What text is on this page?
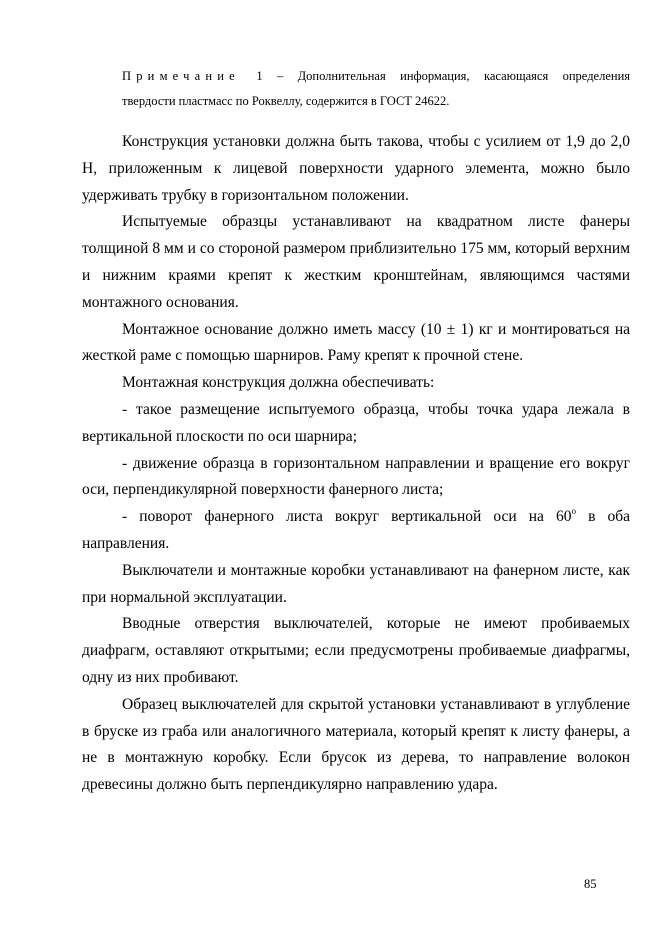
Примечание 1 – Дополнительная информация, касающаяся определения
твердости пластмасс по Роквеллу, содержится в ГОСТ 24622.

Конструкция установки должна быть такова, чтобы с усилием от 1,9 до 2,0 Н, приложенным к лицевой поверхности ударного элемента, можно было удерживать трубку в горизонтальном положении.

Испытуемые образцы устанавливают на квадратном листе фанеры толщиной 8 мм и со стороной размером приблизительно 175 мм, который верхним и нижним краями крепят к жестким кронштейнам, являющимся частями монтажного основания.

Монтажное основание должно иметь массу (10 ± 1) кг и монтироваться на жесткой раме с помощью шарниров. Раму крепят к прочной стене.

Монтажная конструкция должна обеспечивать:

- такое размещение испытуемого образца, чтобы точка удара лежала в вертикальной плоскости по оси шарнира;

- движение образца в горизонтальном направлении и вращение его вокруг оси, перпендикулярной поверхности фанерного листа;

- поворот фанерного листа вокруг вертикальной оси на $60^о$ в оба направления.

Выключатели и монтажные коробки устанавливают на фанерном листе, как при нормальной эксплуатации.

Вводные отверстия выключателей, которые не имеют пробиваемых диафрагм, оставляют открытыми; если предусмотрены пробиваемые диафрагмы, одну из них пробивают.

Образец выключателей для скрытой установки устанавливают в углубление в бруске из граба или аналогичного материала, который крепят к листу фанеры, а не в монтажную коробку. Если брусок из дерева, то направление волокон древесины должно быть перпендикулярно направлению удара.

85
